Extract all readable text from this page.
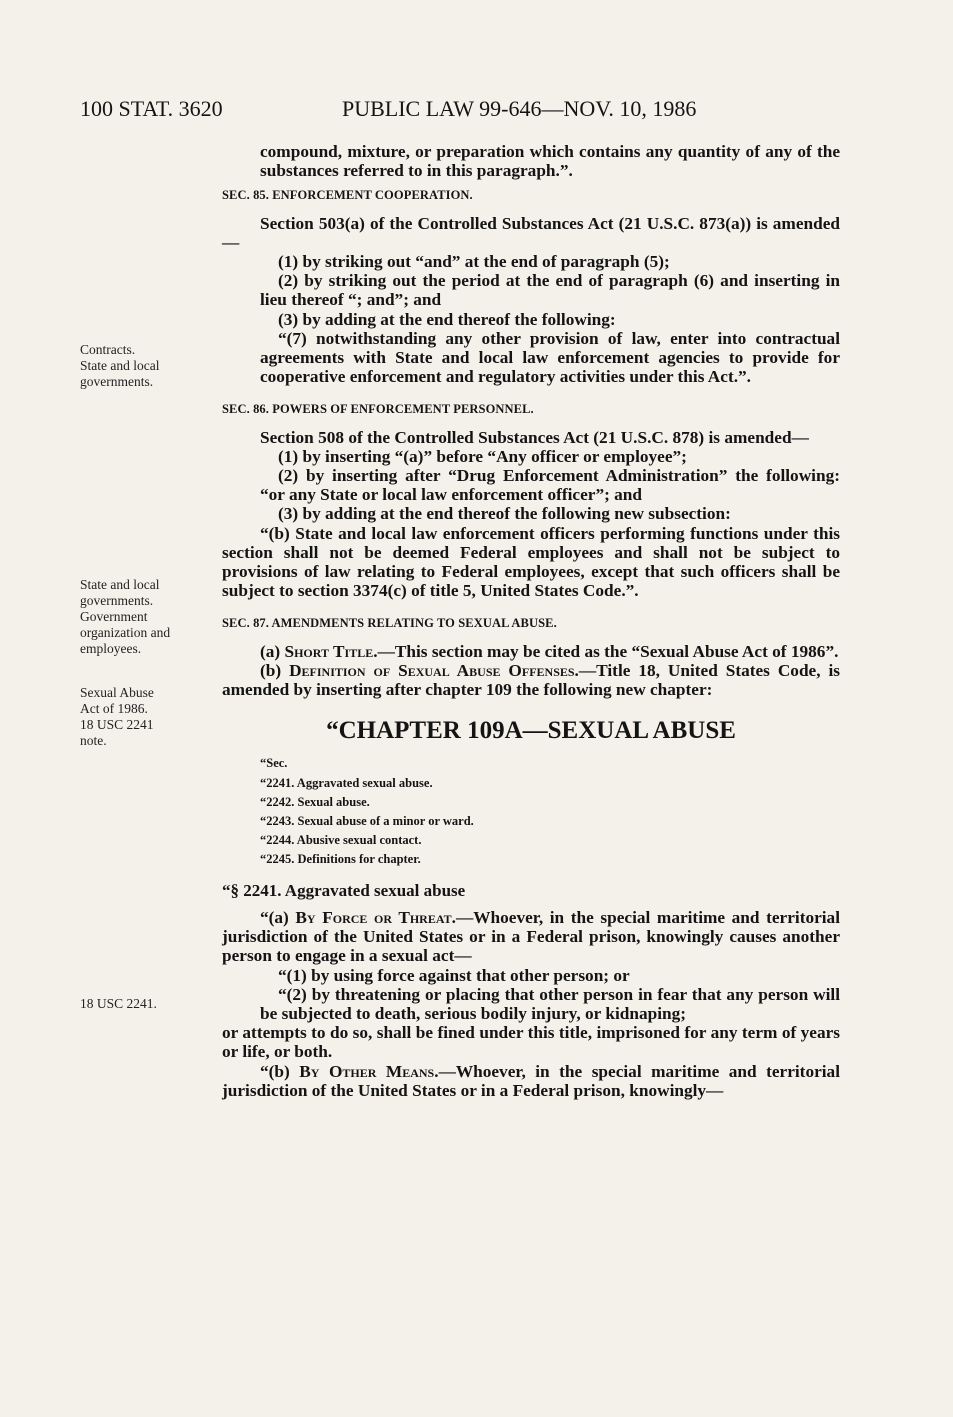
100 STAT. 3620	PUBLIC LAW 99-646—NOV. 10, 1986
Contracts.
State and local
governments.
State and local
governments.
Government
organization and
employees.
Sexual Abuse
Act of 1986.
18 USC 2241
note.
18 USC 2241.

compound, mixture, or preparation which contains any quantity of any of the substances referred to in this paragraph.”.

SEC. 85. ENFORCEMENT COOPERATION.

Section 503(a) of the Controlled Substances Act (21 U.S.C. 873(a)) is amended—

(1) by striking out “and” at the end of paragraph (5);

(2) by striking out the period at the end of paragraph (6) and inserting in lieu thereof “; and”; and

(3) by adding at the end thereof the following:

“(7) notwithstanding any other provision of law, enter into contractual agreements with State and local law enforcement agencies to provide for cooperative enforcement and regulatory activities under this Act.”.

SEC. 86. POWERS OF ENFORCEMENT PERSONNEL.

Section 508 of the Controlled Substances Act (21 U.S.C. 878) is amended—

(1) by inserting “(a)” before “Any officer or employee”;

(2) by inserting after “Drug Enforcement Administration” the following: “or any State or local law enforcement officer”; and

(3) by adding at the end thereof the following new subsection:

“(b) State and local law enforcement officers performing functions under this section shall not be deemed Federal employees and shall not be subject to provisions of law relating to Federal employees, except that such officers shall be subject to section 3374(c) of title 5, United States Code.”.

SEC. 87. AMENDMENTS RELATING TO SEXUAL ABUSE.

(a) Short Title.—This section may be cited as the “Sexual Abuse Act of 1986”.

(b) Definition of Sexual Abuse Offenses.—Title 18, United States Code, is amended by inserting after chapter 109 the following new chapter:

“CHAPTER 109A—SEXUAL ABUSE

“Sec.

“2241. Aggravated sexual abuse.

“2242. Sexual abuse.

“2243. Sexual abuse of a minor or ward.

“2244. Abusive sexual contact.

“2245. Definitions for chapter.

“§ 2241. Aggravated sexual abuse

“(a) By Force or Threat.—Whoever, in the special maritime and territorial jurisdiction of the United States or in a Federal prison, knowingly causes another person to engage in a sexual act—

“(1) by using force against that other person; or

“(2) by threatening or placing that other person in fear that any person will be subjected to death, serious bodily injury, or kidnaping;

or attempts to do so, shall be fined under this title, imprisoned for any term of years or life, or both.

“(b) By Other Means.—Whoever, in the special maritime and territorial jurisdiction of the United States or in a Federal prison, knowingly—
